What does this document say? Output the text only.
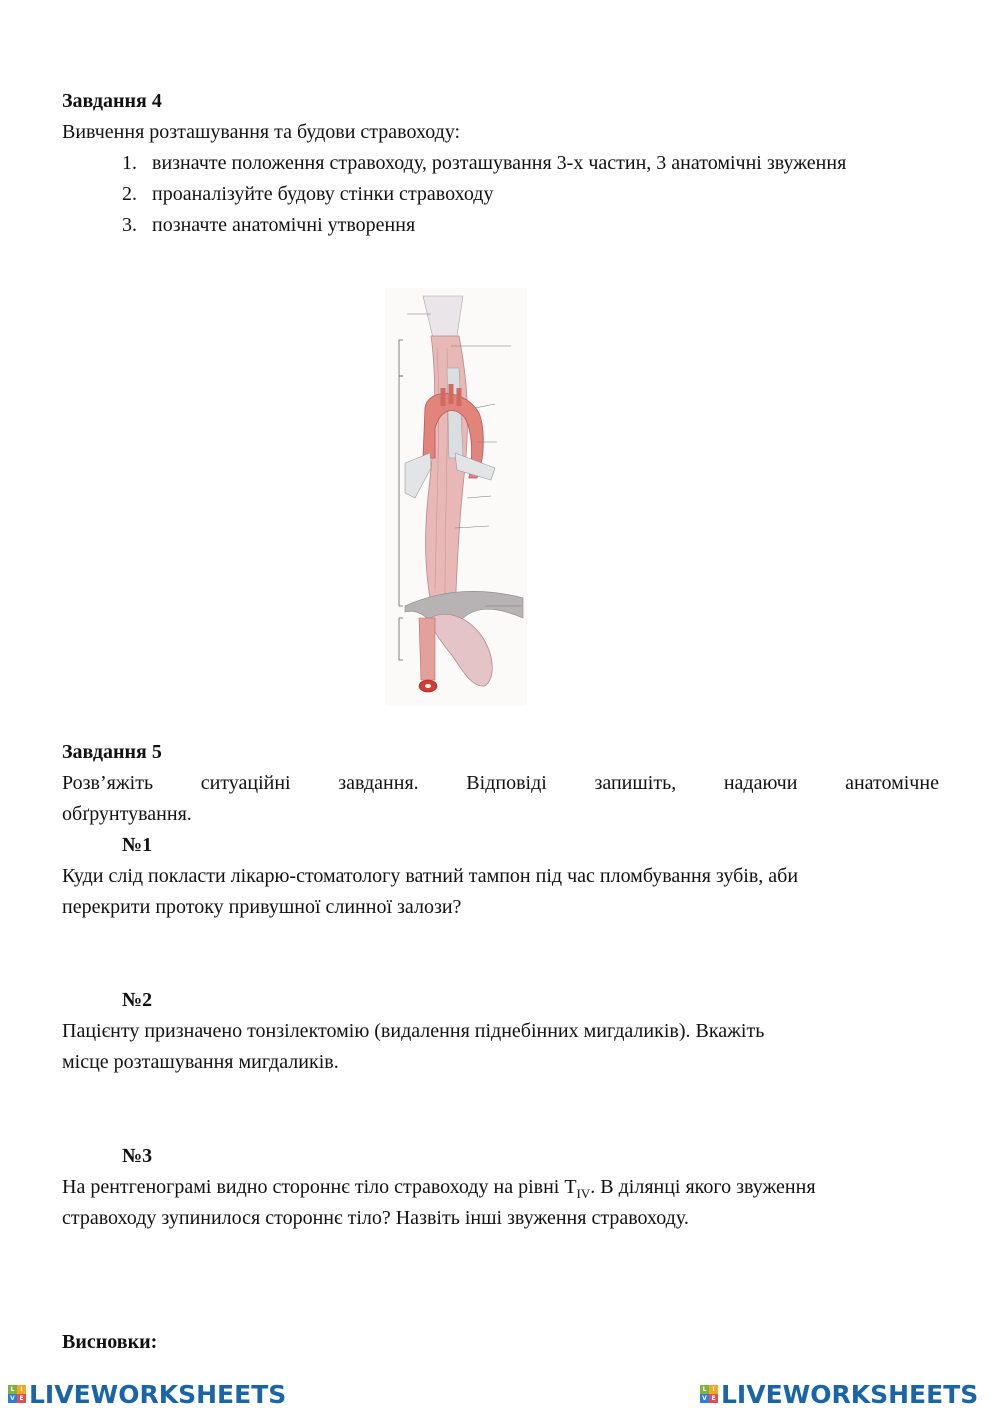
Завдання 4
Вивчення розташування та будови стравоходу:
1. визначте положення стравоходу, розташування 3-х частин, 3 анатомічні звуження
2. проаналізуйте будову стінки стравоходу
3. позначте анатомічні утворення
Завдання 5
Розв’яжіть ситуаційні завдання. Відповіді запишіть, надаючи анатомічне
обґрунтування.
№1
Куди слід покласти лікарю-стоматологу ватний тампон під час пломбування зубів, аби
перекрити протоку привушної слинної залози?
№2
Пацієнту призначено тонзілектомію (видалення піднебінних мигдаликів). Вкажіть
місце розташування мигдаликів.
№3
На рентгенограмі видно стороннє тіло стравоходу на рівні $T_{IV}$. В ділянці якого звуження
стравоходу зупинилося стороннє тіло? Назвіть інші звуження стравоходу.
Висновки:
L I
V E LIVEWORKSHEETS	L I
V E LIVEWORKSHEETS
